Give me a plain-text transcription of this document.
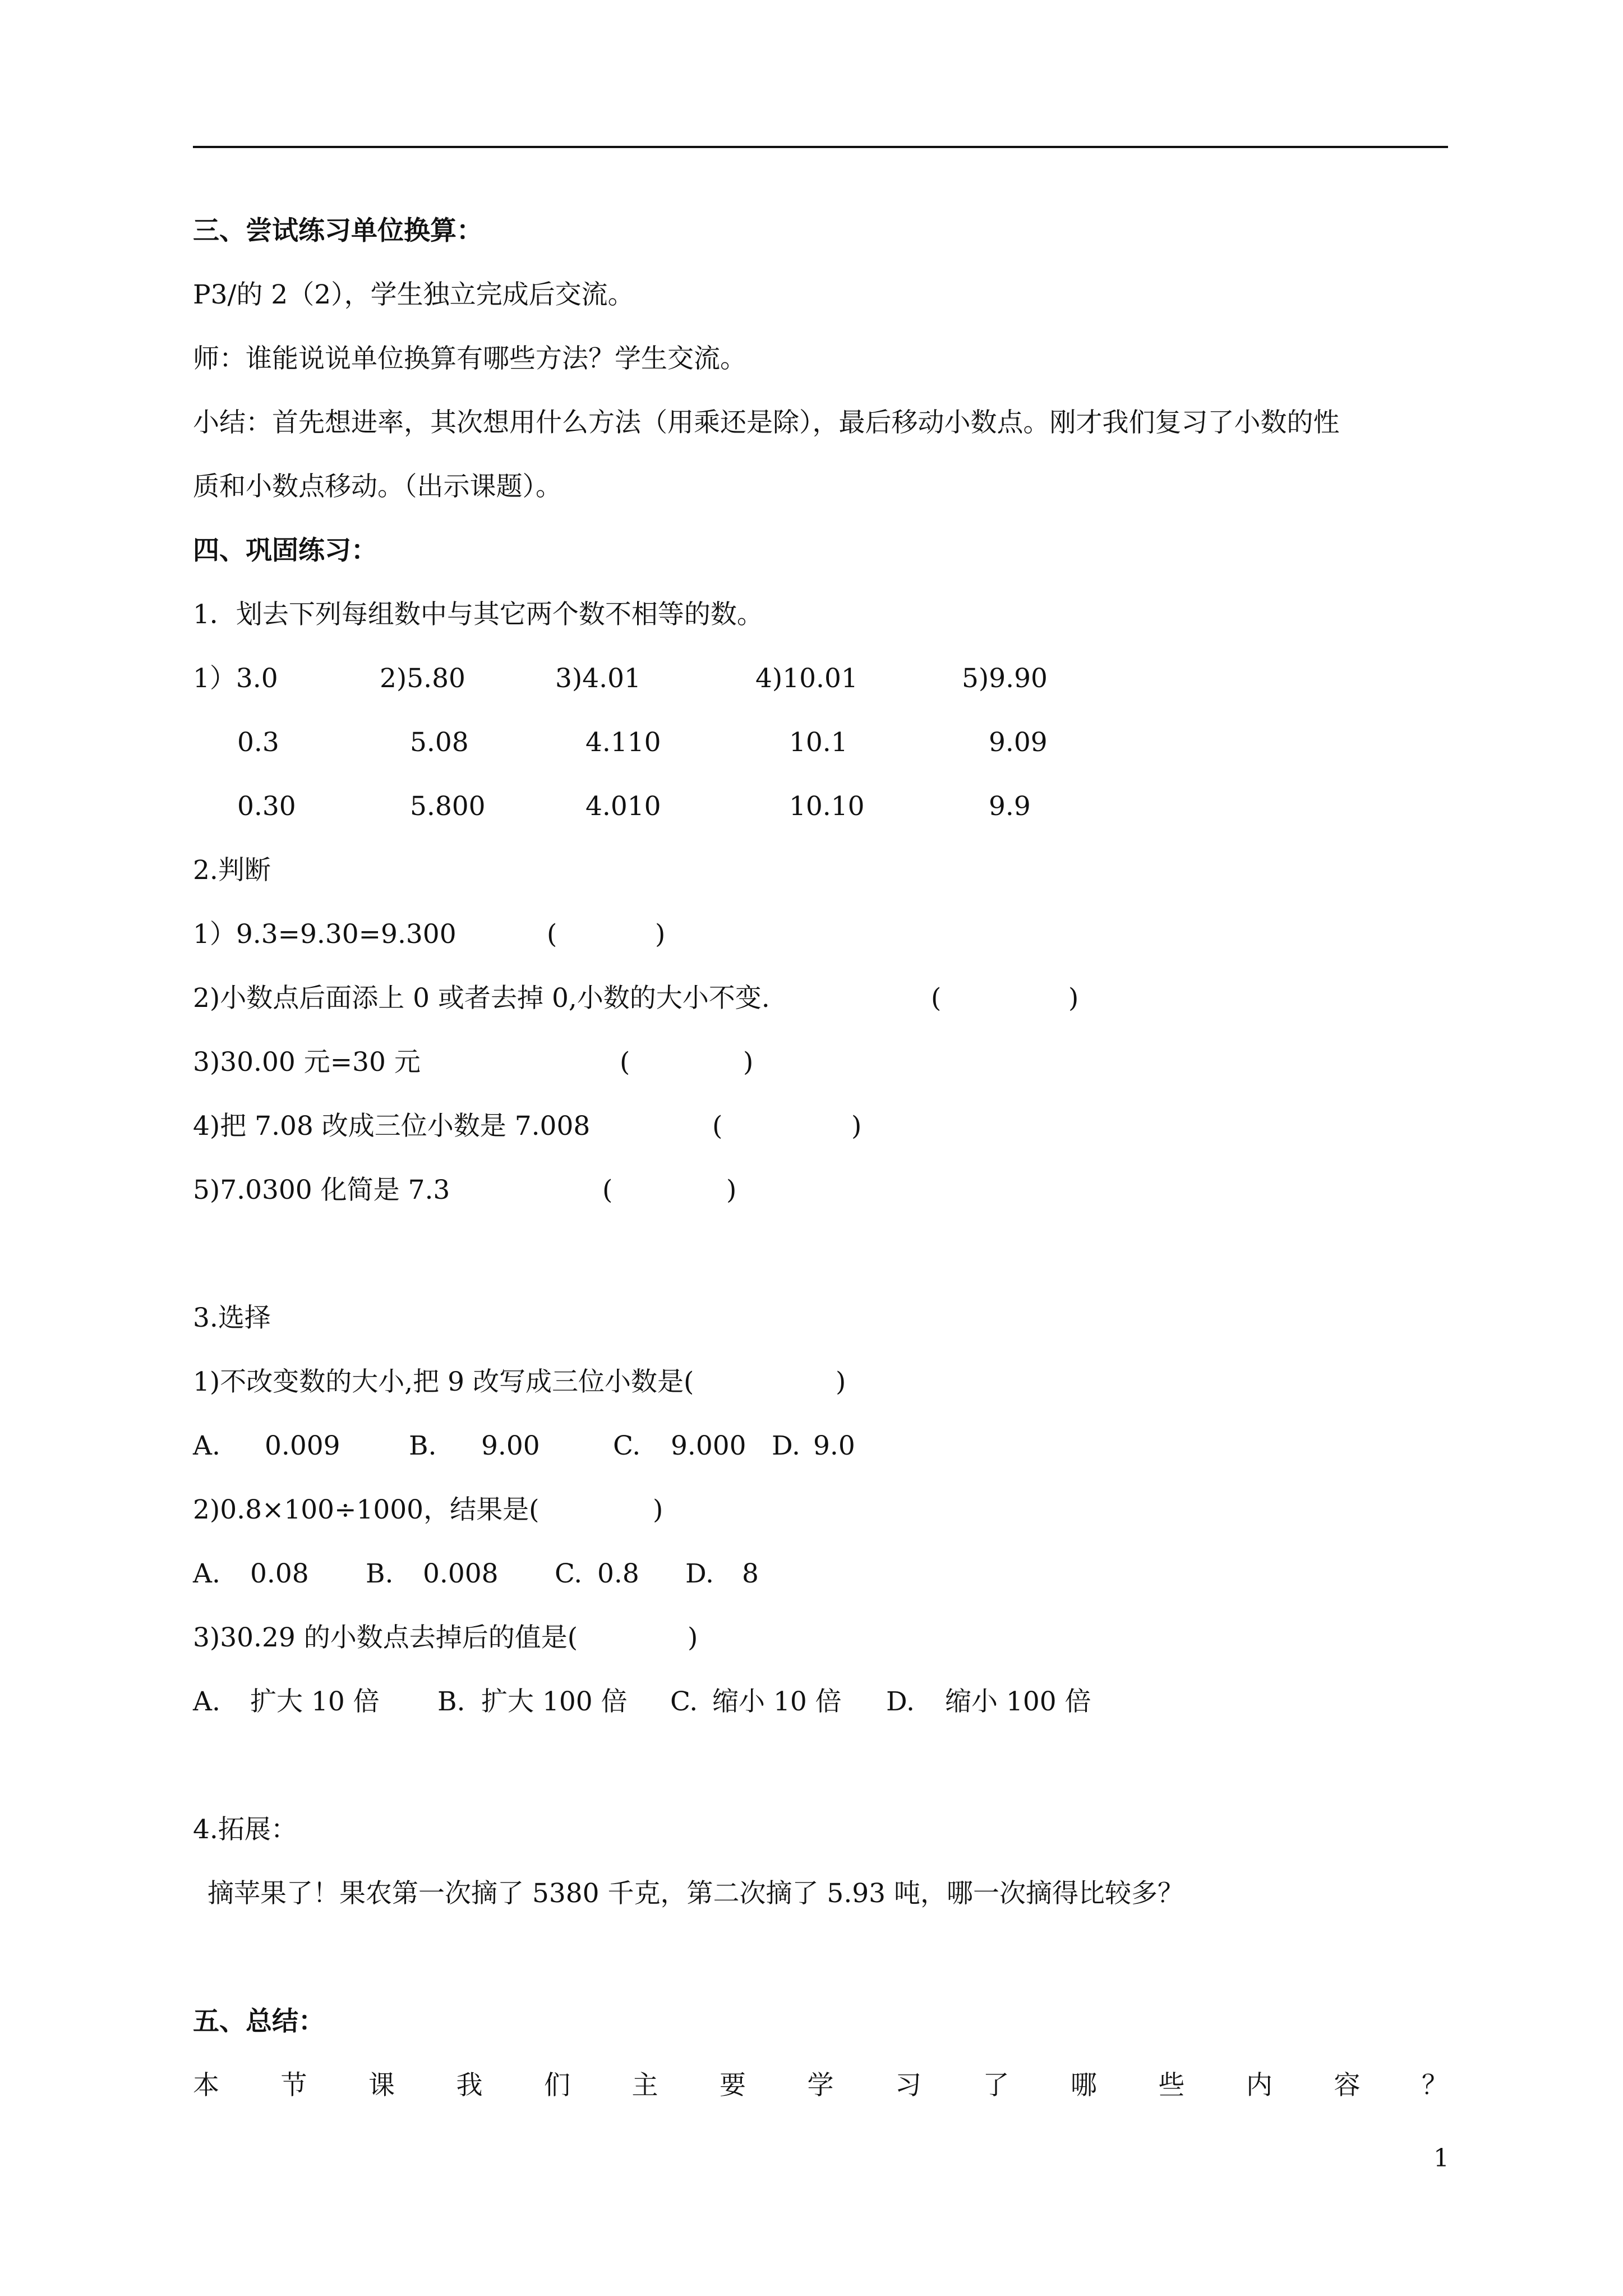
三、尝试练习单位换算：
P3/的 2（2），学生独立完成后交流。
师：谁能说说单位换算有哪些方法？学生交流。
小结：首先想进率，其次想用什么方法（用乘还是除），最后移动小数点。刚才我们复习了小数的性
质和小数点移动。（出示课题）。
四、巩固练习：
1．划去下列每组数中与其它两个数不相等的数。
1）3.0	2)5.80	3)4.01	4)10.01	5)9.90
0.3	5.08	4.110	10.1	9.09
0.30	5.800	4.010	10.10	9.9
2.判断
1）9.3=9.30=9.300	(	)
2)小数点后面添上 0 或者去掉 0,小数的大小不变.	(	)
3)30.00 元=30 元	(	)
4)把 7.08 改成三位小数是 7.008	(	)
5)7.0300 化简是 7.3	(	)
3.选择
1)不改变数的大小,把 9 改写成三位小数是(	)
A. 0.009	B. 9.00	C. 9.000 D. 9.0
2)0.8×100÷1000，结果是(	)
A. 0.08 B. 0.008 C. 0.8 D. 8
3)30.29 的小数点去掉后的值是(	)
A. 扩大 10 倍 B. 扩大 100 倍 C. 缩小 10 倍 D. 缩小 100 倍
4.拓展：
摘苹果了！果农第一次摘了 5380 千克，第二次摘了 5.93 吨，哪一次摘得比较多？
五、总结：
本 节 课 我 们 主 要 学 习 了 哪 些 内 容 ？
1
